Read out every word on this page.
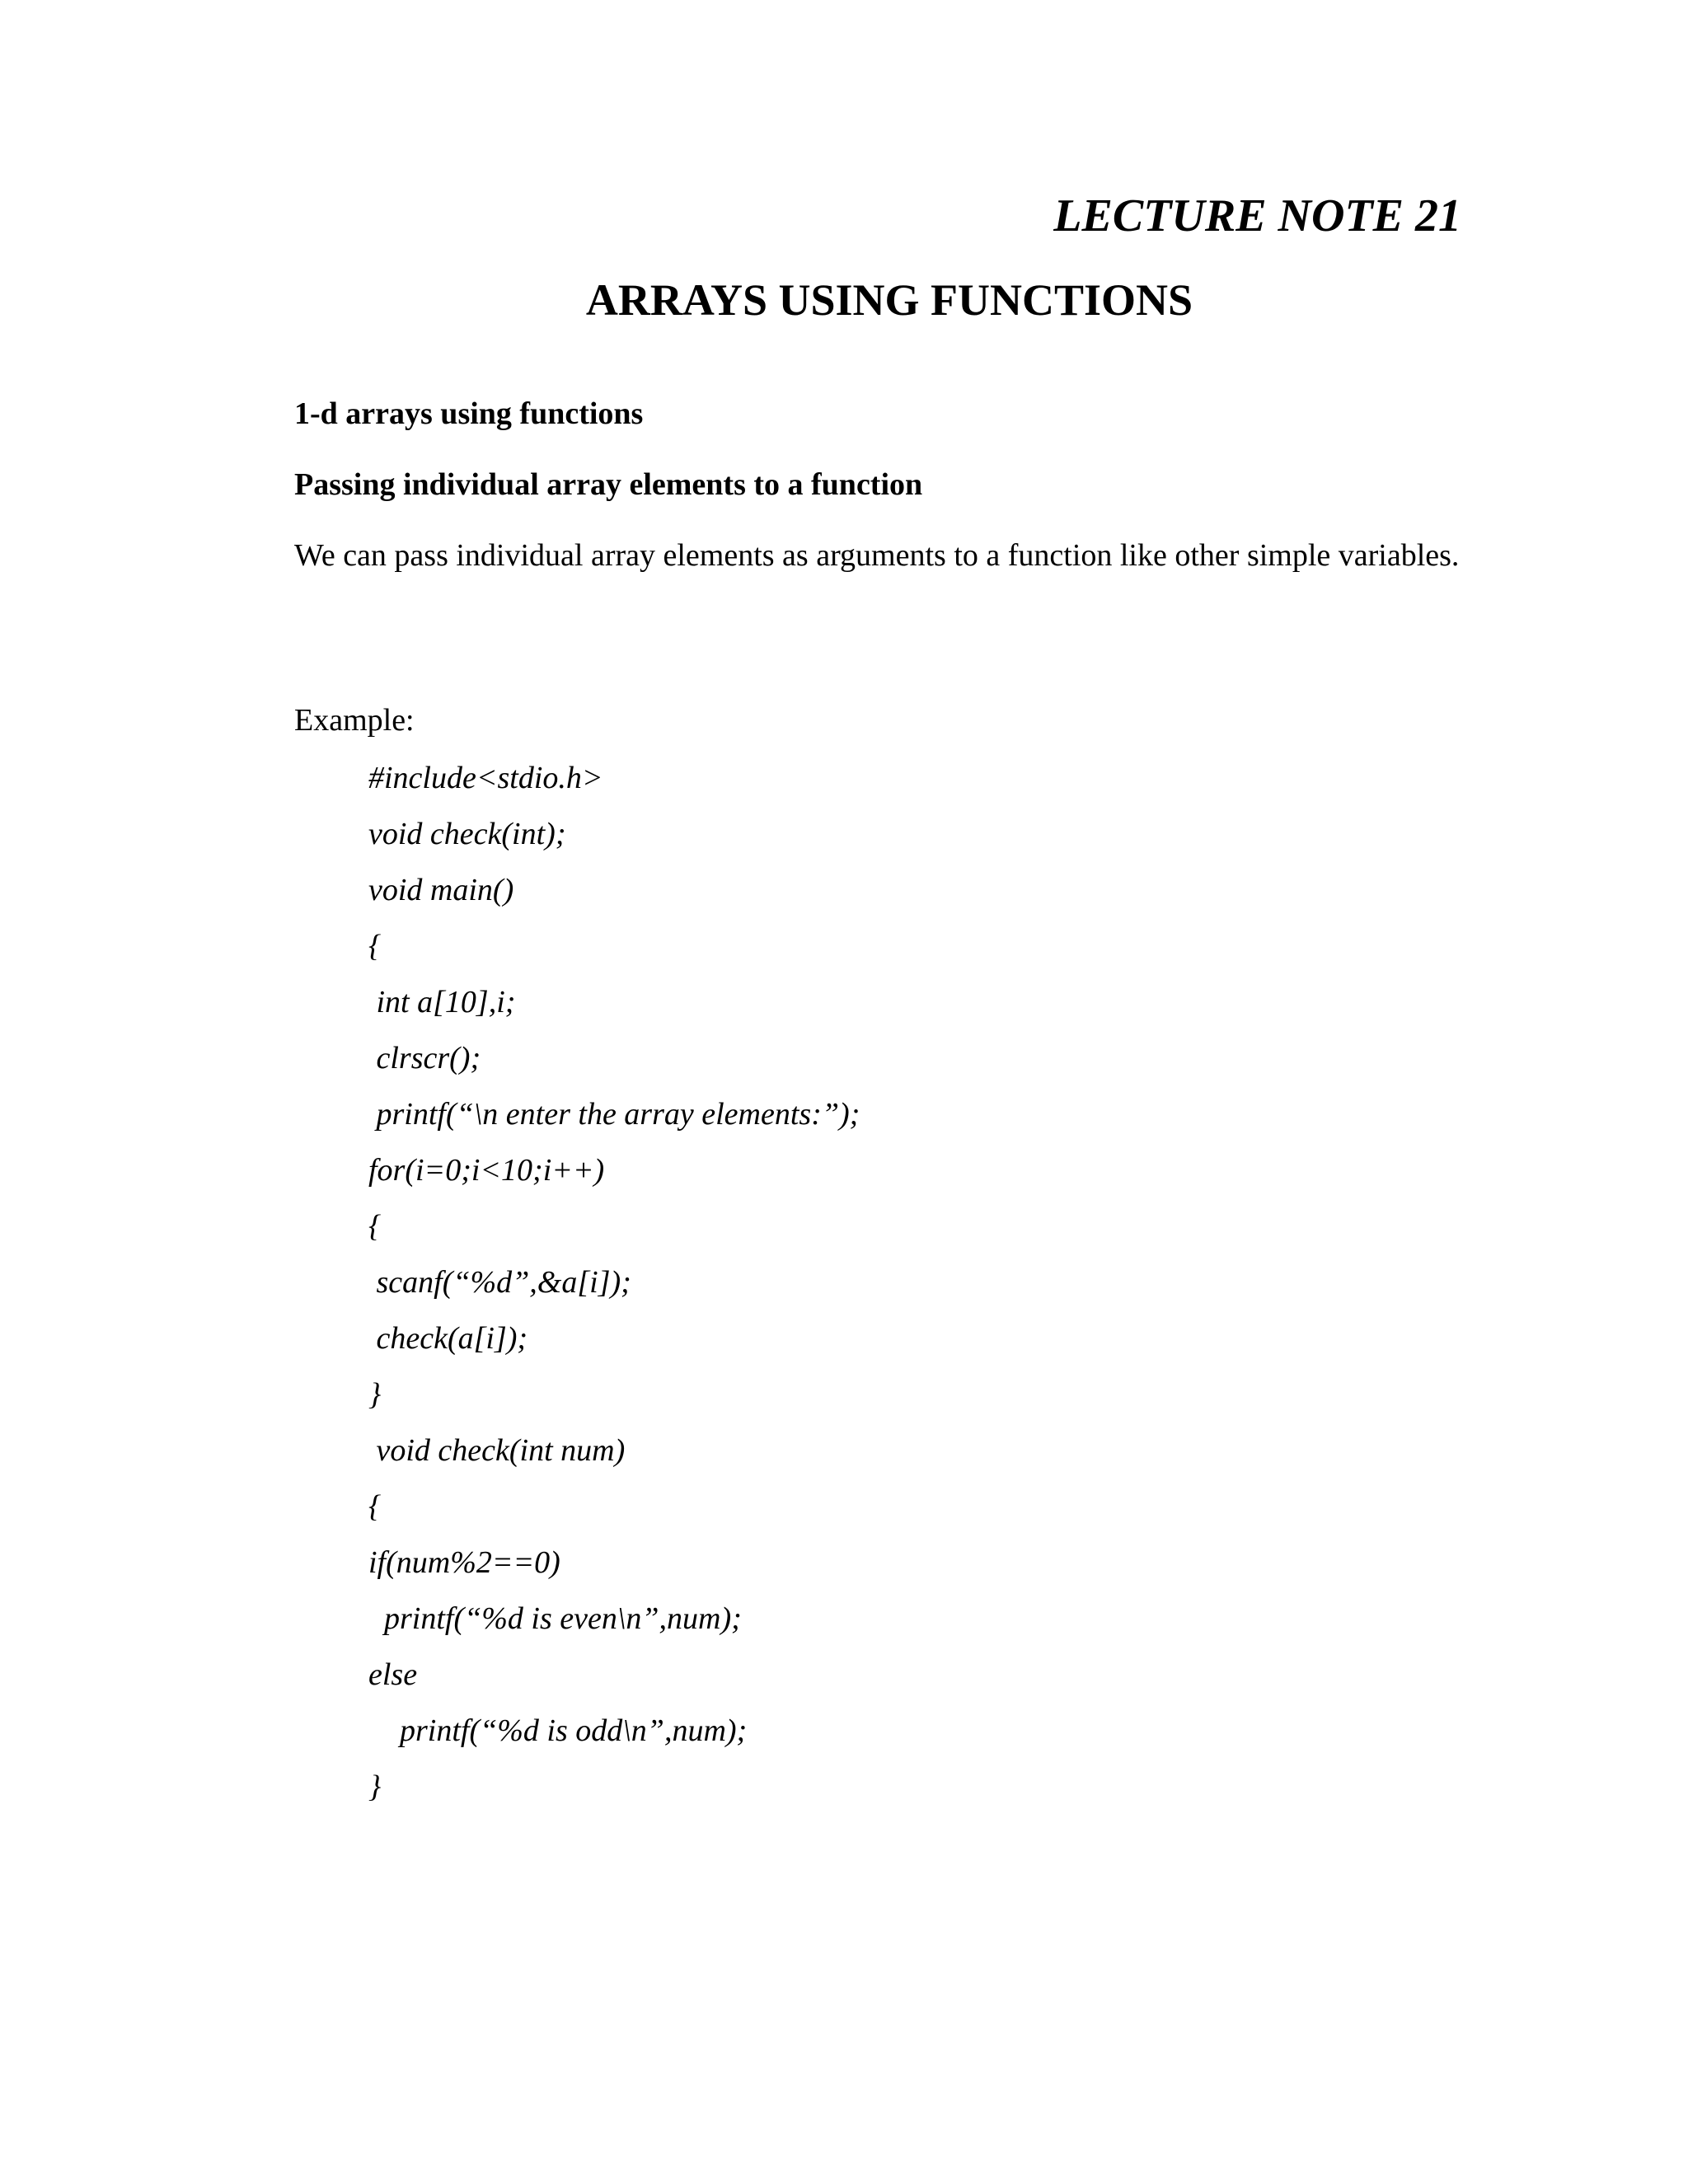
LECTURE NOTE 21
ARRAYS USING FUNCTIONS
1-d arrays using functions
Passing individual array elements to a function

We can pass individual array elements as arguments to a function like other simple variables.

Example:

#include<stdio.h>
void check(int);
void main()
{
int a[10],i;
clrscr();
printf(“\n enter the array elements:”);
for(i=0;i<10;i++)
{
scanf(“%d”,&a[i]);
check(a[i]);
}
void check(int num)
{
if(num%2==0)
printf(“%d is even\n”,num);
else
printf(“%d is odd\n”,num);
}
